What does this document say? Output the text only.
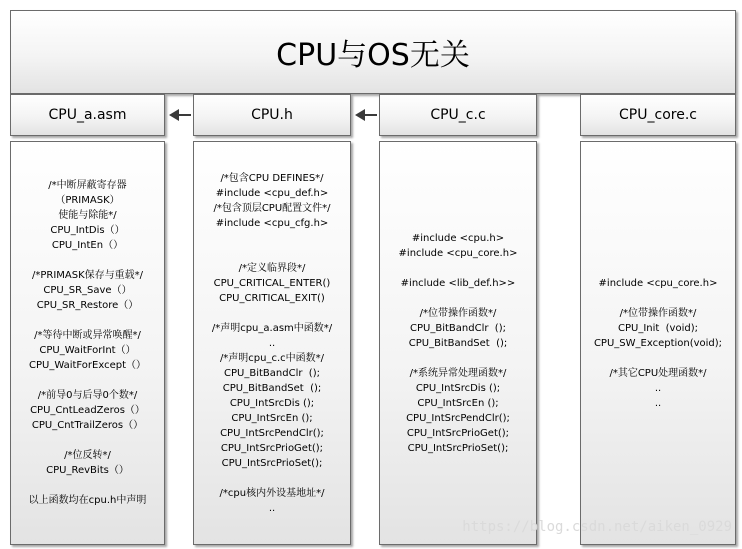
CPU与OS无关
CPU_a.asm	CPU.h	CPU_c.c	CPU_core.c
/*中断屏蔽寄存器
（PRIMASK）
使能与除能*/
CPU_IntDis（）
CPU_IntEn（）
/*PRIMASK保存与重载*/
CPU_SR_Save（）
CPU_SR_Restore（）
/*等待中断或异常唤醒*/
CPU_WaitForInt（）
CPU_WaitForExcept（）
/*前导0与后导0个数*/
CPU_CntLeadZeros（）
CPU_CntTrailZeros（）
/*位反转*/
CPU_RevBits（）
以上函数均在cpu.h中声明
/*包含CPU DEFINES*/
#include <cpu_def.h>
/*包含顶层CPU配置文件*/
#include <cpu_cfg.h>
/*定义临界段*/
CPU_CRITICAL_ENTER()
CPU_CRITICAL_EXIT()
/*声明cpu_a.asm中函数*/
..
/*声明cpu_c.c中函数*/
CPU_BitBandClr  ();
CPU_BitBandSet  ();
CPU_IntSrcDis ();
CPU_IntSrcEn ();
CPU_IntSrcPendClr();
CPU_IntSrcPrioGet();
CPU_IntSrcPrioSet();
/*cpu核内外设基地址*/
..
#include <cpu.h>
#include <cpu_core.h>
#include <lib_def.h>>
/*位带操作函数*/
CPU_BitBandClr  ();
CPU_BitBandSet  ();
/*系统异常处理函数*/
CPU_IntSrcDis ();
CPU_IntSrcEn ();
CPU_IntSrcPendClr();
CPU_IntSrcPrioGet();
CPU_IntSrcPrioSet();
#include <cpu_core.h>
/*位带操作函数*/
CPU_Init  (void);
CPU_SW_Exception(void);
/*其它CPU处理函数*/
..
..
https://blog.csdn.net/aiken_0929
